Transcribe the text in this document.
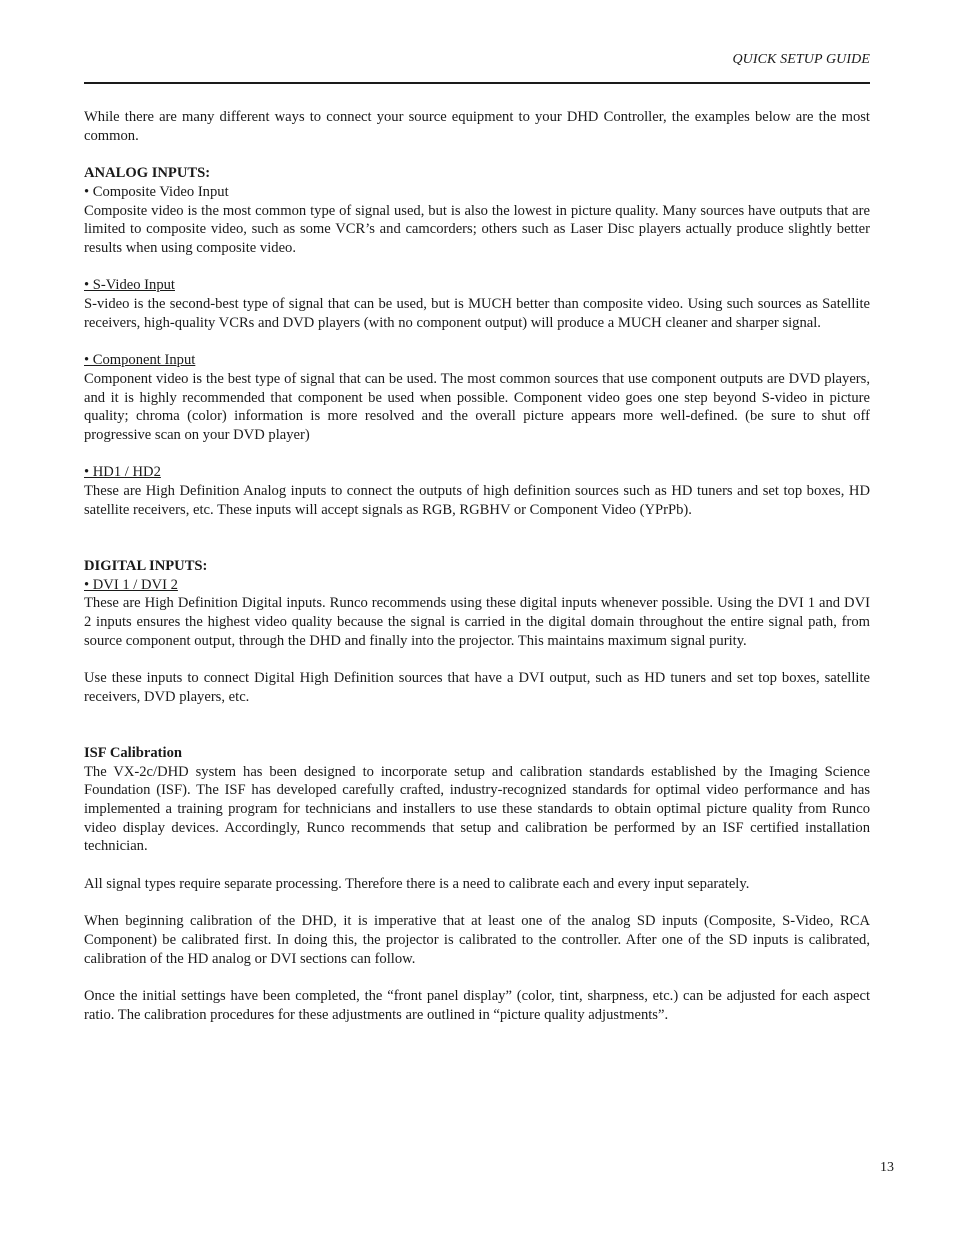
QUICK SETUP GUIDE

While there are many different ways to connect your source equipment to your DHD Controller, the examples below are the most common.

ANALOG INPUTS:

• Composite Video Input

Composite video is the most common type of signal used, but is also the lowest in picture quality. Many sources have outputs that are limited to composite video, such as some VCR’s and camcorders; others such as Laser Disc players actually produce slightly better results when using composite video.

• S-Video Input

S-video is the second-best type of signal that can be used, but is MUCH better than composite video. Using such sources as Satellite receivers, high-quality VCRs and DVD players (with no component output) will produce a MUCH cleaner and sharper signal.

• Component Input

Component video is the best type of signal that can be used. The most common sources that use component outputs are DVD players, and it is highly recommended that component be used when possible. Component video goes one step beyond S-video in picture quality; chroma (color) information is more resolved and the overall picture appears more well-defined. (be sure to shut off progressive scan on your DVD player)

• HD1 / HD2

These are High Definition Analog inputs to connect the outputs of high definition sources such as HD tuners and set top boxes, HD satellite receivers, etc. These inputs will accept signals as RGB, RGBHV or Component Video (YPrPb).

DIGITAL INPUTS:

• DVI 1 / DVI 2

These are High Definition Digital inputs. Runco recommends using these digital inputs whenever possible. Using the DVI 1 and DVI 2 inputs ensures the highest video quality because the signal is carried in the digital domain throughout the entire signal path, from source component output, through the DHD and finally into the projector. This maintains maximum signal purity.

Use these inputs to connect Digital High Definition sources that have a DVI output, such as HD tuners and set top boxes, satellite receivers, DVD players, etc.

ISF Calibration

The VX-2c/DHD system has been designed to incorporate setup and calibration standards established by the Imaging Science Foundation (ISF). The ISF has developed carefully crafted, industry-recognized standards for optimal video performance and has implemented a training program for technicians and installers to use these standards to obtain optimal picture quality from Runco video display devices. Accordingly, Runco recommends that setup and calibration be performed by an ISF certified installation technician.

All signal types require separate processing. Therefore there is a need to calibrate each and every input separately.

When beginning calibration of the DHD, it is imperative that at least one of the analog SD inputs (Composite, S-Video, RCA Component) be calibrated first. In doing this, the projector is calibrated to the controller. After one of the SD inputs is calibrated, calibration of the HD analog or DVI sections can follow.

Once the initial settings have been completed, the “front panel display” (color, tint, sharpness, etc.) can be adjusted for each aspect ratio. The calibration procedures for these adjustments are outlined in “picture quality adjustments”.

13
